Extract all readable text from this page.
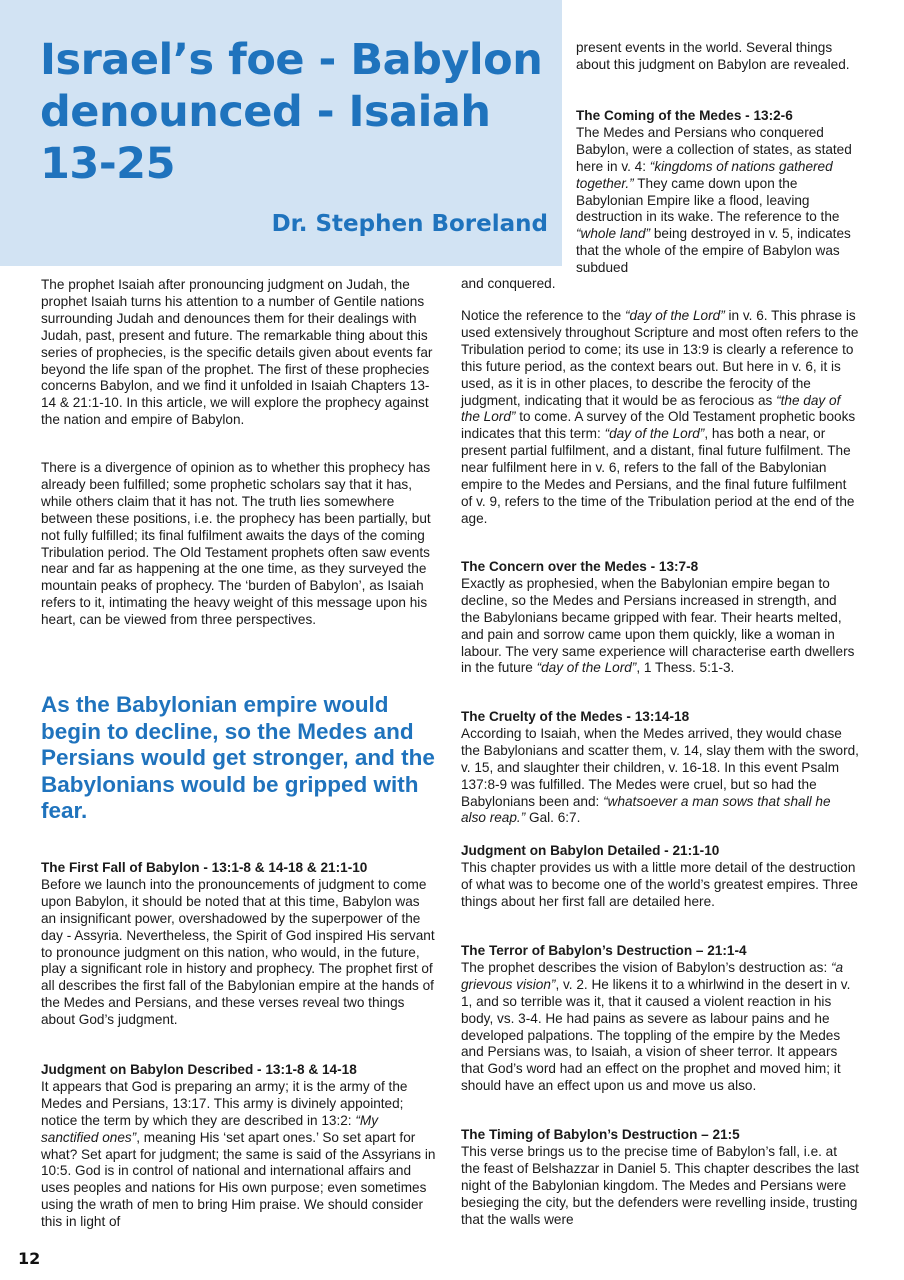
Israel’s foe - Babylon denounced - Isaiah 13-25

Dr. Stephen Boreland

The prophet Isaiah after pronouncing judgment on Judah, the prophet Isaiah turns his attention to a number of Gentile nations surrounding Judah and denounces them for their dealings with Judah, past, present and future. The remarkable thing about this series of prophecies, is the specific details given about events far beyond the life span of the prophet. The first of these prophecies concerns Babylon, and we find it unfolded in Isaiah Chapters 13-14 & 21:1-10. In this article, we will explore the prophecy against the nation and empire of Babylon.

There is a divergence of opinion as to whether this prophecy has already been fulfilled; some prophetic scholars say that it has, while others claim that it has not. The truth lies somewhere between these positions, i.e. the prophecy has been partially, but not fully fulfilled; its final fulfilment awaits the days of the coming Tribulation period. The Old Testament prophets often saw events near and far as happening at the one time, as they surveyed the mountain peaks of prophecy. The ‘burden of Babylon’, as Isaiah refers to it, intimating the heavy weight of this message upon his heart, can be viewed from three perspectives.

As the Babylonian empire would begin to decline, so the Medes and Persians would get stronger, and the Babylonians would be gripped with fear.

The First Fall of Babylon - 13:1-8 & 14-18 & 21:1-10
Before we launch into the pronouncements of judgment to come upon Babylon, it should be noted that at this time, Babylon was an insignificant power, overshadowed by the superpower of the day - Assyria. Nevertheless, the Spirit of God inspired His servant to pronounce judgment on this nation, who would, in the future, play a significant role in history and prophecy. The prophet first of all describes the first fall of the Babylonian empire at the hands of the Medes and Persians, and these verses reveal two things about God’s judgment.

Judgment on Babylon Described - 13:1-8 & 14-18
It appears that God is preparing an army; it is the army of the Medes and Persians, 13:17. This army is divinely appointed; notice the term by which they are described in 13:2: “My sanctified ones”, meaning His ‘set apart ones.’ So set apart for what? Set apart for judgment; the same is said of the Assyrians in 10:5. God is in control of national and international affairs and uses peoples and nations for His own purpose; even sometimes using the wrath of men to bring Him praise. We should consider this in light of

present events in the world. Several things about this judgment on Babylon are revealed.

The Coming of the Medes - 13:2-6
The Medes and Persians who conquered Babylon, were a collection of states, as stated here in v. 4: “kingdoms of nations gathered together.” They came down upon the Babylonian Empire like a flood, leaving destruction in its wake. The reference to the “whole land” being destroyed in v. 5, indicates that the whole of the empire of Babylon was subdued

and conquered.

Notice the reference to the “day of the Lord” in v. 6. This phrase is used extensively throughout Scripture and most often refers to the Tribulation period to come; its use in 13:9 is clearly a reference to this future period, as the context bears out. But here in v. 6, it is used, as it is in other places, to describe the ferocity of the judgment, indicating that it would be as ferocious as “the day of the Lord” to come. A survey of the Old Testament prophetic books indicates that this term: “day of the Lord”, has both a near, or present partial fulfilment, and a distant, final future fulfilment. The near fulfilment here in v. 6, refers to the fall of the Babylonian empire to the Medes and Persians, and the final future fulfilment of v. 9, refers to the time of the Tribulation period at the end of the age.

The Concern over the Medes - 13:7-8
Exactly as prophesied, when the Babylonian empire began to decline, so the Medes and Persians increased in strength, and the Babylonians became gripped with fear. Their hearts melted, and pain and sorrow came upon them quickly, like a woman in labour. The very same experience will characterise earth dwellers in the future “day of the Lord”, 1 Thess. 5:1-3.

The Cruelty of the Medes - 13:14-18
According to Isaiah, when the Medes arrived, they would chase the Babylonians and scatter them, v. 14, slay them with the sword, v. 15, and slaughter their children, v. 16-18. In this event Psalm 137:8-9 was fulfilled. The Medes were cruel, but so had the Babylonians been and: “whatsoever a man sows that shall he also reap.” Gal. 6:7.

Judgment on Babylon Detailed - 21:1-10
This chapter provides us with a little more detail of the destruction of what was to become one of the world’s greatest empires. Three things about her first fall are detailed here.

The Terror of Babylon’s Destruction – 21:1-4
The prophet describes the vision of Babylon’s destruction as: “a grievous vision”, v. 2. He likens it to a whirlwind in the desert in v. 1, and so terrible was it, that it caused a violent reaction in his body, vs. 3-4. He had pains as severe as labour pains and he developed palpations. The toppling of the empire by the Medes and Persians was, to Isaiah, a vision of sheer terror. It appears that God’s word had an effect on the prophet and moved him; it should have an effect upon us and move us also.

The Timing of Babylon’s Destruction – 21:5
This verse brings us to the precise time of Babylon’s fall, i.e. at the feast of Belshazzar in Daniel 5. This chapter describes the last night of the Babylonian kingdom. The Medes and Persians were besieging the city, but the defenders were revelling inside, trusting that the walls were

12
